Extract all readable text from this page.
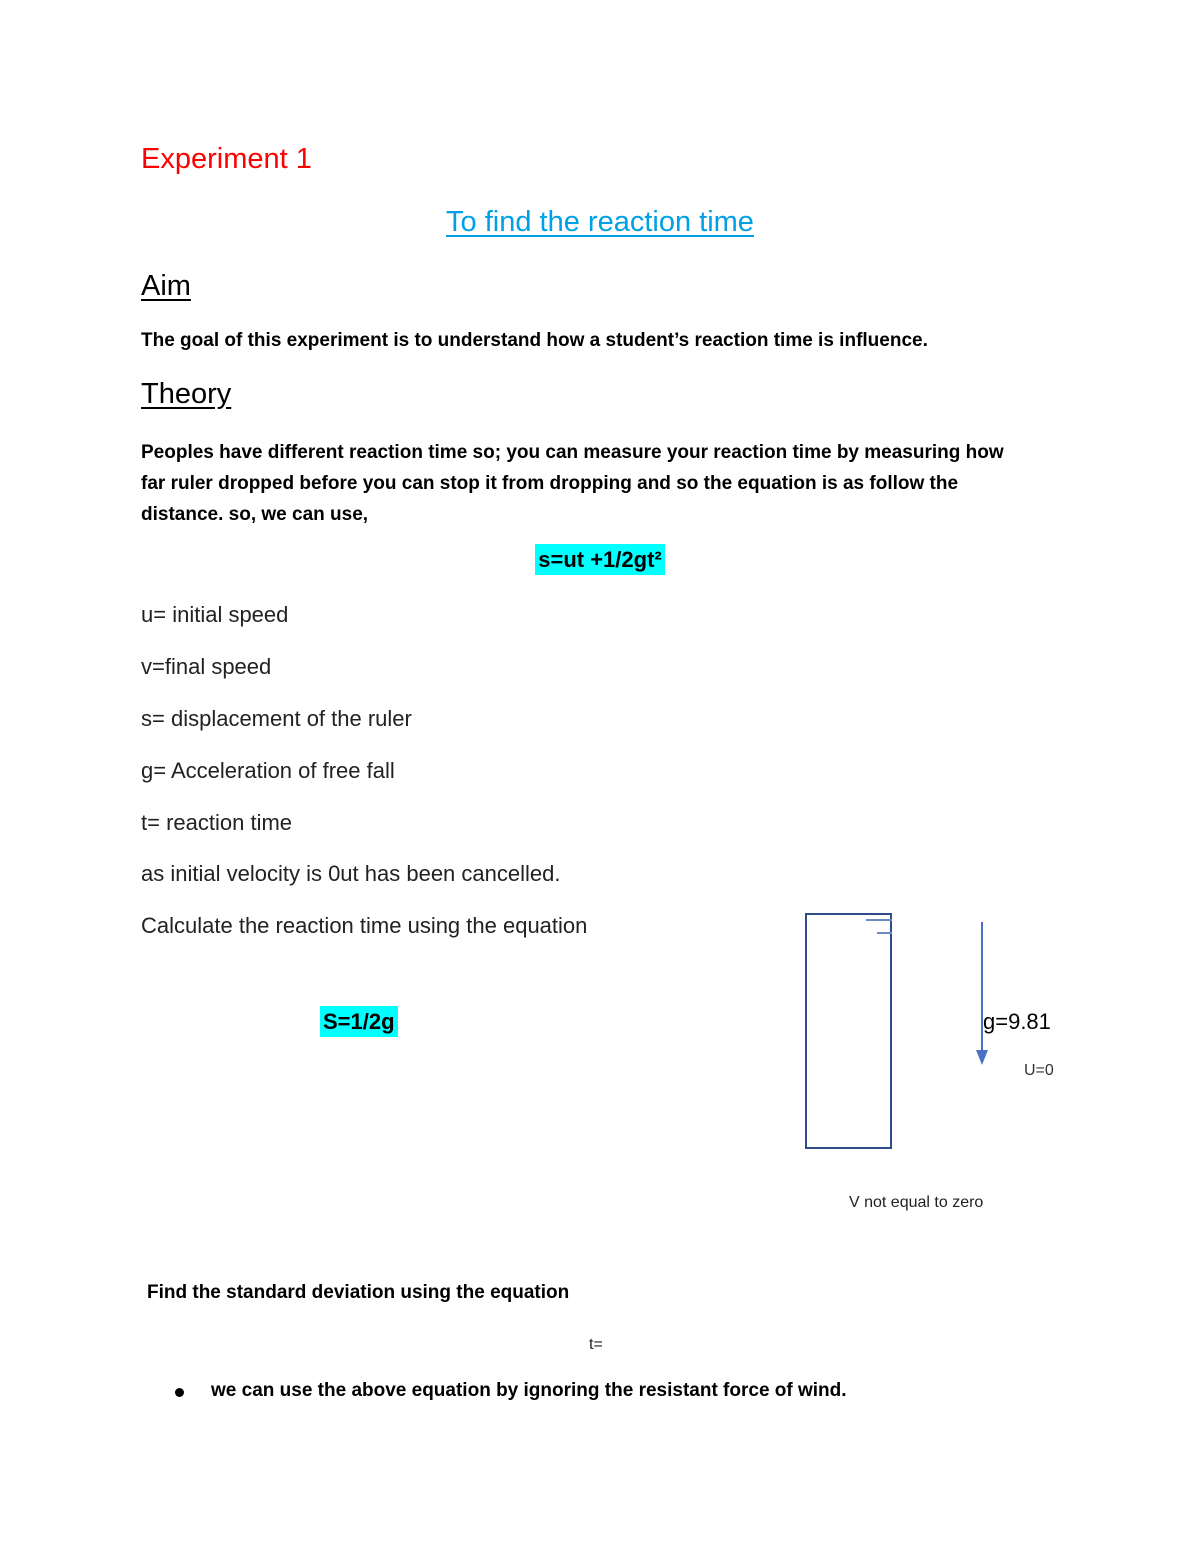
Experiment 1
To find the reaction time
Aim
The goal of this experiment is to understand how a student’s reaction time is influence.
Theory
Peoples have different reaction time so; you can measure your reaction time by measuring how
far ruler dropped before you can stop it from dropping and so the equation is as follow the
distance. so, we can use,
s=ut +1/2gt²
u= initial speed
v=final speed
s= displacement of the ruler
g= Acceleration of free fall
t= reaction time
as initial velocity is 0ut has been cancelled.
Calculate the reaction time using the equation
S=1/2g	g=9.81
U=0
V not equal to zero
Find the standard deviation using the equation
t=
we can use the above equation by ignoring the resistant force of wind.
